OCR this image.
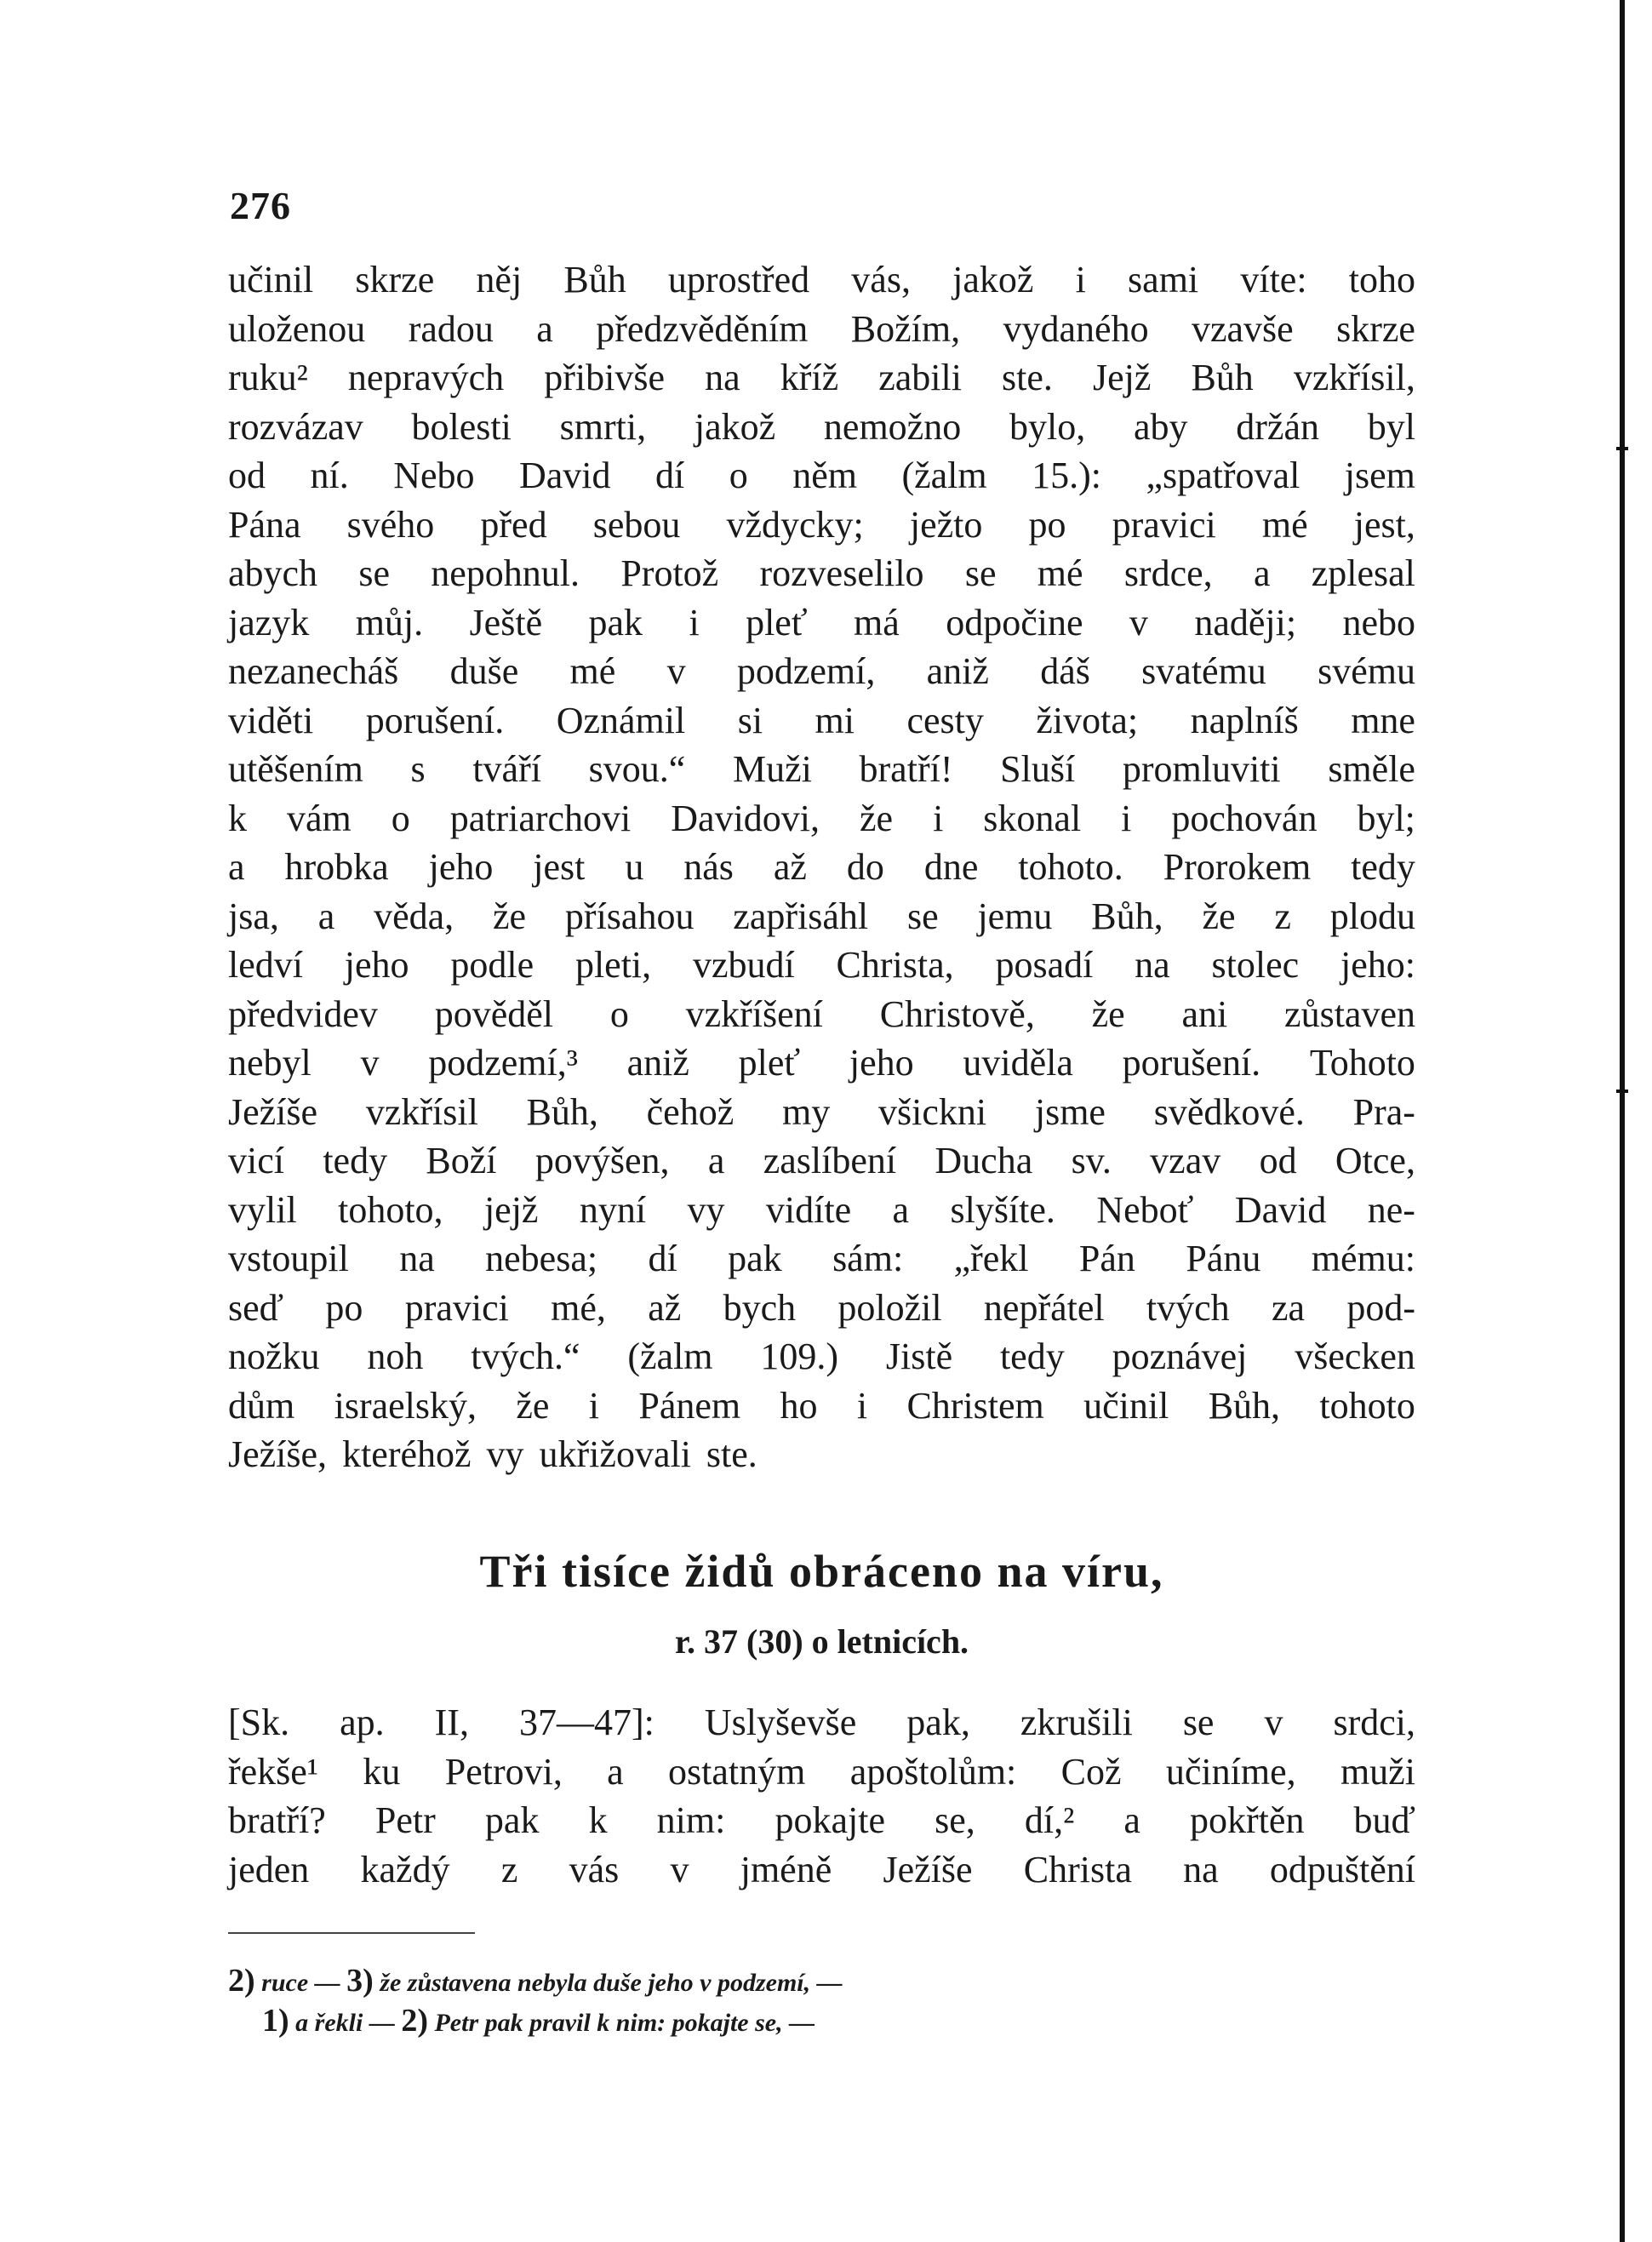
276
učinil skrze něj Bůh uprostřed vás, jakož i sami víte: toho
uloženou radou a předzvěděním Božím, vydaného vzavše skrze
ruku² nepravých přibivše na kříž zabili ste. Jejž Bůh vzkřísil,
rozvázav bolesti smrti, jakož nemožno bylo, aby držán byl
od ní. Nebo David dí o něm (žalm 15.): „spatřoval jsem
Pána svého před sebou vždycky; ježto po pravici mé jest,
abych se nepohnul. Protož rozveselilo se mé srdce, a zplesal
jazyk můj. Ještě pak i pleť má odpočine v naději; nebo
nezanecháš duše mé v podzemí, aniž dáš svatému svému
viděti porušení. Oznámil si mi cesty života; naplníš mne
utěšením s tváří svou.“ Muži bratří! Sluší promluviti směle
k vám o patriarchovi Davidovi, že i skonal i pochován byl;
a hrobka jeho jest u nás až do dne tohoto. Prorokem tedy
jsa, a věda, že přísahou zapřisáhl se jemu Bůh, že z plodu
ledví jeho podle pleti, vzbudí Christa, posadí na stolec jeho:
předvidev pověděl o vzkříšení Christově, že ani zůstaven
nebyl v podzemí,³ aniž pleť jeho uviděla porušení. Tohoto
Ježíše vzkřísil Bůh, čehož my všickni jsme svědkové. Pra-
vicí tedy Boží povýšen, a zaslíbení Ducha sv. vzav od Otce,
vylil tohoto, jejž nyní vy vidíte a slyšíte. Neboť David ne-
vstoupil na nebesa; dí pak sám: „řekl Pán Pánu mému:
seď po pravici mé, až bych položil nepřátel tvých za pod-
nožku noh tvých.“ (žalm 109.) Jistě tedy poznávej všecken
dům israelský, že i Pánem ho i Christem učinil Bůh, tohoto
Ježíše, kteréhož vy ukřižovali ste.
Tři tisíce židů obráceno na víru,
r. 37 (30) o letnicích.
[Sk. ap. II, 37—47]: Uslyševše pak, zkrušili se v srdci,
řekše¹ ku Petrovi, a ostatným apoštolům: Což učiníme, muži
bratří? Petr pak k nim: pokajte se, dí,² a pokřtěn buď
jeden každý z vás v jméně Ježíše Christa na odpuštění
2) ruce — 3) že zůstavena nebyla duše jeho v podzemí, —
1) a řekli — 2) Petr pak pravil k nim: pokajte se, —
